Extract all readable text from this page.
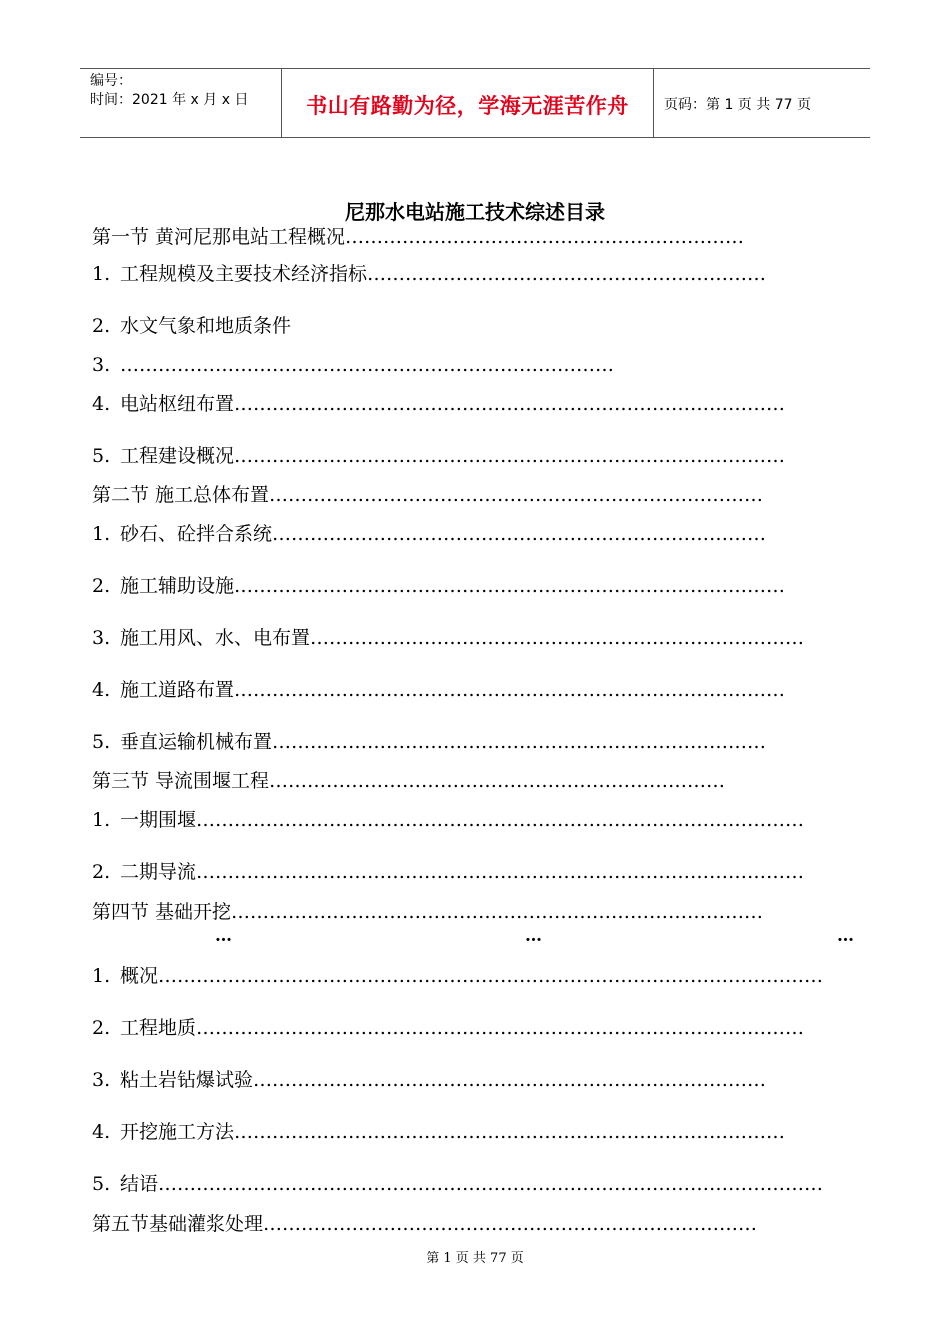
编号：
时间：2021 年 x 月 x 日	书山有路勤为径，学海无涯苦作舟	页码：第 1 页 共 77 页
尼那水电站施工技术综述目录
第一节 黄河尼那电站工程概况………………………………………………………
1. 工程规模及主要技术经济指标………………………………………………………
2. 水文气象和地质条件
3. ……………………………………………………………………
4. 电站枢纽布置……………………………………………………………………………
5. 工程建设概况……………………………………………………………………………
第二节 施工总体布置……………………………………………………………………
1. 砂石、砼拌合系统……………………………………………………………………
2. 施工辅助设施……………………………………………………………………………
3. 施工用风、水、电布置……………………………………………………………………
4. 施工道路布置……………………………………………………………………………
5. 垂直运输机械布置……………………………………………………………………
第三节 导流围堰工程………………………………………………………………
1. 一期围堰……………………………………………………………………………………
2. 二期导流……………………………………………………………………………………
第四节 基础开挖…………………………………………………………………………
1. 概况……………………………………………………………………………………………
2. 工程地质……………………………………………………………………………………
3. 粘土岩钻爆试验………………………………………………………………………
4. 开挖施工方法……………………………………………………………………………
5. 结语……………………………………………………………………………………………
第五节基础灌浆处理……………………………………………………………………
…	…	…
第 1 页 共 77 页
